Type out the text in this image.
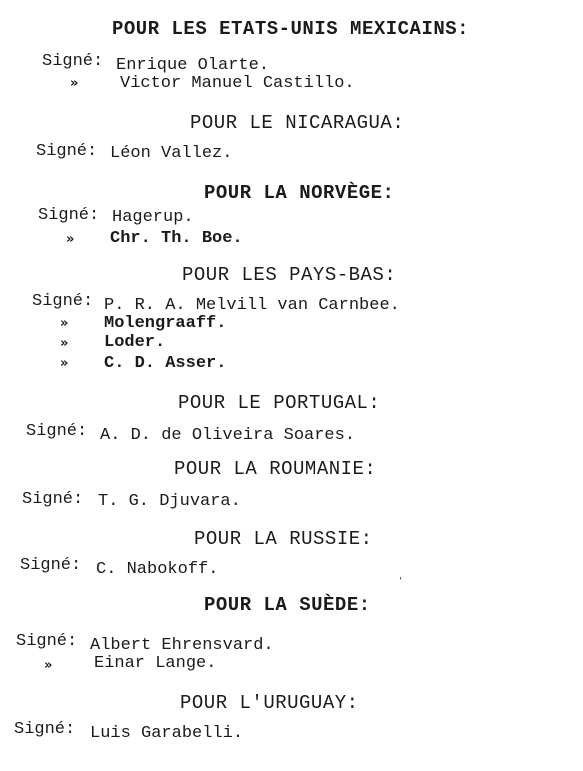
POUR LES ETATS-UNIS MEXICAINS:
Signé: Enrique Olarte.
» Victor Manuel Castillo.
POUR LE NICARAGUA:
Signé: Léon Vallez.
POUR LA NORVÈGE:
Signé: Hagerup.
» Chr. Th. Boe.
POUR LES PAYS-BAS:
Signé: P. R. A. Melvill van Carnbee.
» Molengraaff.
» Loder.
» C. D. Asser.
POUR LE PORTUGAL:
Signé: A. D. de Oliveira Soares.
POUR LA ROUMANIE:
Signé: T. G. Djuvara.
POUR LA RUSSIE:
Signé: C. Nabokoff.
'
POUR LA SUÈDE:
Signé: Albert Ehrensvard.
» Einar Lange.
POUR L'URUGUAY:
Signé: Luis Garabelli.
